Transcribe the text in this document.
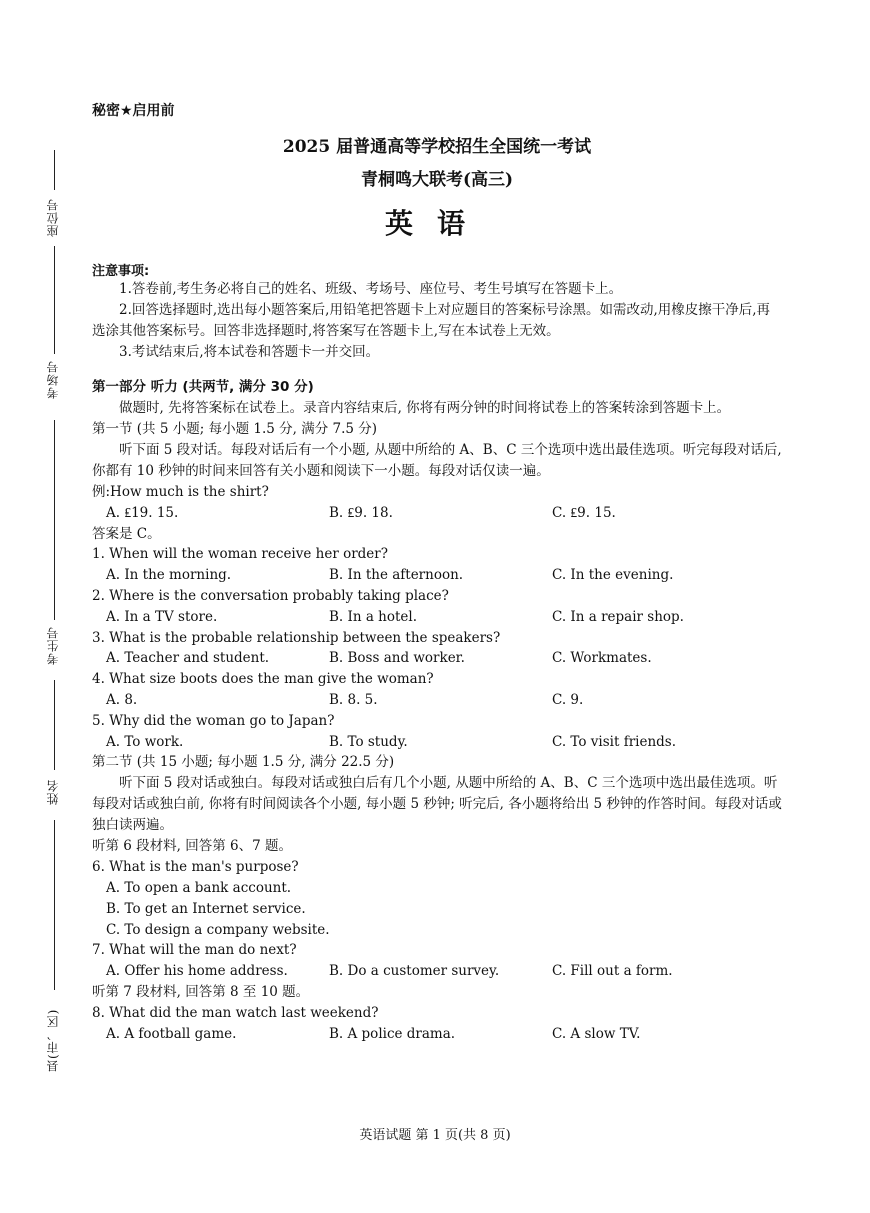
座位号
考场号
考生号
姓名
县(市、区)
秘密★启用前
2025 届普通高等学校招生全国统一考试
青桐鸣大联考(高三)
英语
注意事项:
1.答卷前,考生务必将自己的姓名、班级、考场号、座位号、考生号填写在答题卡上。
2.回答选择题时,选出每小题答案后,用铅笔把答题卡上对应题目的答案标号涂黑。如需改动,用橡皮擦干净后,再选涂其他答案标号。回答非选择题时,将答案写在答题卡上,写在本试卷上无效。
3.考试结束后,将本试卷和答题卡一并交回。
第一部分 听力 (共两节, 满分 30 分)
做题时, 先将答案标在试卷上。录音内容结束后, 你将有两分钟的时间将试卷上的答案转涂到答题卡上。
第一节 (共 5 小题; 每小题 1.5 分, 满分 7.5 分)
听下面 5 段对话。每段对话后有一个小题, 从题中所给的 A、B、C 三个选项中选出最佳选项。听完每段对话后, 你都有 10 秒钟的时间来回答有关小题和阅读下一小题。每段对话仅读一遍。
例:How much is the shirt?
A. ₤19. 15.	B. ₤9. 18.	C. ₤9. 15.
答案是 C。
1. When will the woman receive her order?
A. In the morning.	B. In the afternoon.	C. In the evening.
2. Where is the conversation probably taking place?
A. In a TV store.	B. In a hotel.	C. In a repair shop.
3. What is the probable relationship between the speakers?
A. Teacher and student.	B. Boss and worker.	C. Workmates.
4. What size boots does the man give the woman?
A. 8.	B. 8. 5.	C. 9.
5. Why did the woman go to Japan?
A. To work.	B. To study.	C. To visit friends.
第二节 (共 15 小题; 每小题 1.5 分, 满分 22.5 分)
听下面 5 段对话或独白。每段对话或独白后有几个小题, 从题中所给的 A、B、C 三个选项中选出最佳选项。听每段对话或独白前, 你将有时间阅读各个小题, 每小题 5 秒钟; 听完后, 各小题将给出 5 秒钟的作答时间。每段对话或独白读两遍。
听第 6 段材料, 回答第 6、7 题。
6. What is the man's purpose?
A. To open a bank account.
B. To get an Internet service.
C. To design a company website.
7. What will the man do next?
A. Offer his home address.	B. Do a customer survey.	C. Fill out a form.
听第 7 段材料, 回答第 8 至 10 题。
8. What did the man watch last weekend?
A. A football game.	B. A police drama.	C. A slow TV.
英语试题 第 1 页(共 8 页)
